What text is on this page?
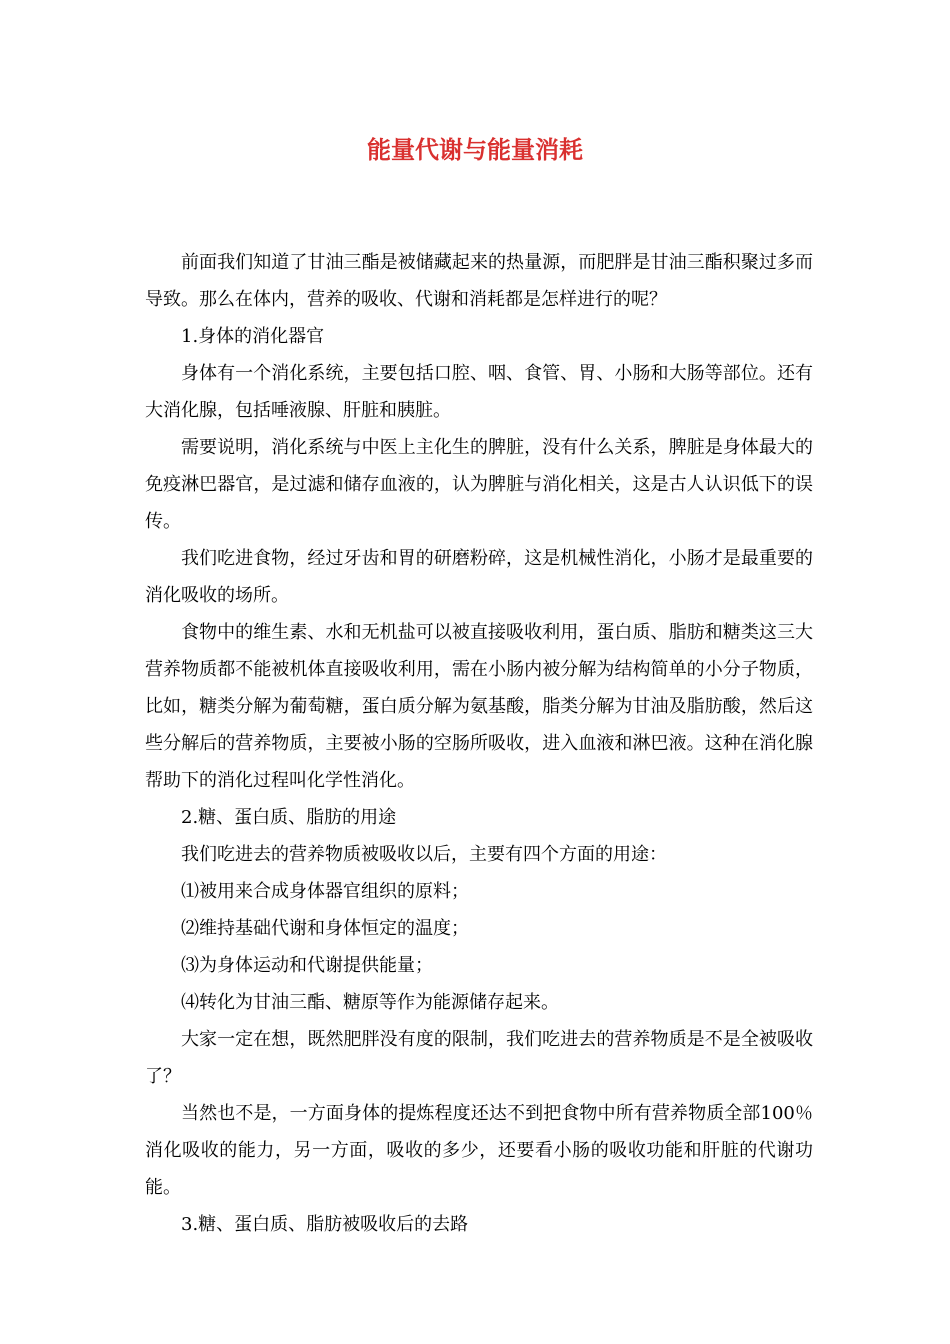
能量代谢与能量消耗

前面我们知道了甘油三酯是被储藏起来的热量源，而肥胖是甘油三酯积聚过多而导致。那么在体内，营养的吸收、代谢和消耗都是怎样进行的呢？

1.身体的消化器官

身体有一个消化系统，主要包括口腔、咽、食管、胃、小肠和大肠等部位。还有大消化腺，包括唾液腺、肝脏和胰脏。

需要说明，消化系统与中医上主化生的脾脏，没有什么关系，脾脏是身体最大的免疫淋巴器官，是过滤和储存血液的，认为脾脏与消化相关，这是古人认识低下的误传。

我们吃进食物，经过牙齿和胃的研磨粉碎，这是机械性消化，小肠才是最重要的消化吸收的场所。

食物中的维生素、水和无机盐可以被直接吸收利用，蛋白质、脂肪和糖类这三大营养物质都不能被机体直接吸收利用，需在小肠内被分解为结构简单的小分子物质，比如，糖类分解为葡萄糖，蛋白质分解为氨基酸，脂类分解为甘油及脂肪酸，然后这些分解后的营养物质，主要被小肠的空肠所吸收，进入血液和淋巴液。这种在消化腺帮助下的消化过程叫化学性消化。

2.糖、蛋白质、脂肪的用途

我们吃进去的营养物质被吸收以后，主要有四个方面的用途：

⑴被用来合成身体器官组织的原料；

⑵维持基础代谢和身体恒定的温度；

⑶为身体运动和代谢提供能量；

⑷转化为甘油三酯、糖原等作为能源储存起来。

大家一定在想，既然肥胖没有度的限制，我们吃进去的营养物质是不是全被吸收了？

当然也不是，一方面身体的提炼程度还达不到把食物中所有营养物质全部100％消化吸收的能力，另一方面，吸收的多少，还要看小肠的吸收功能和肝脏的代谢功能。

3.糖、蛋白质、脂肪被吸收后的去路
